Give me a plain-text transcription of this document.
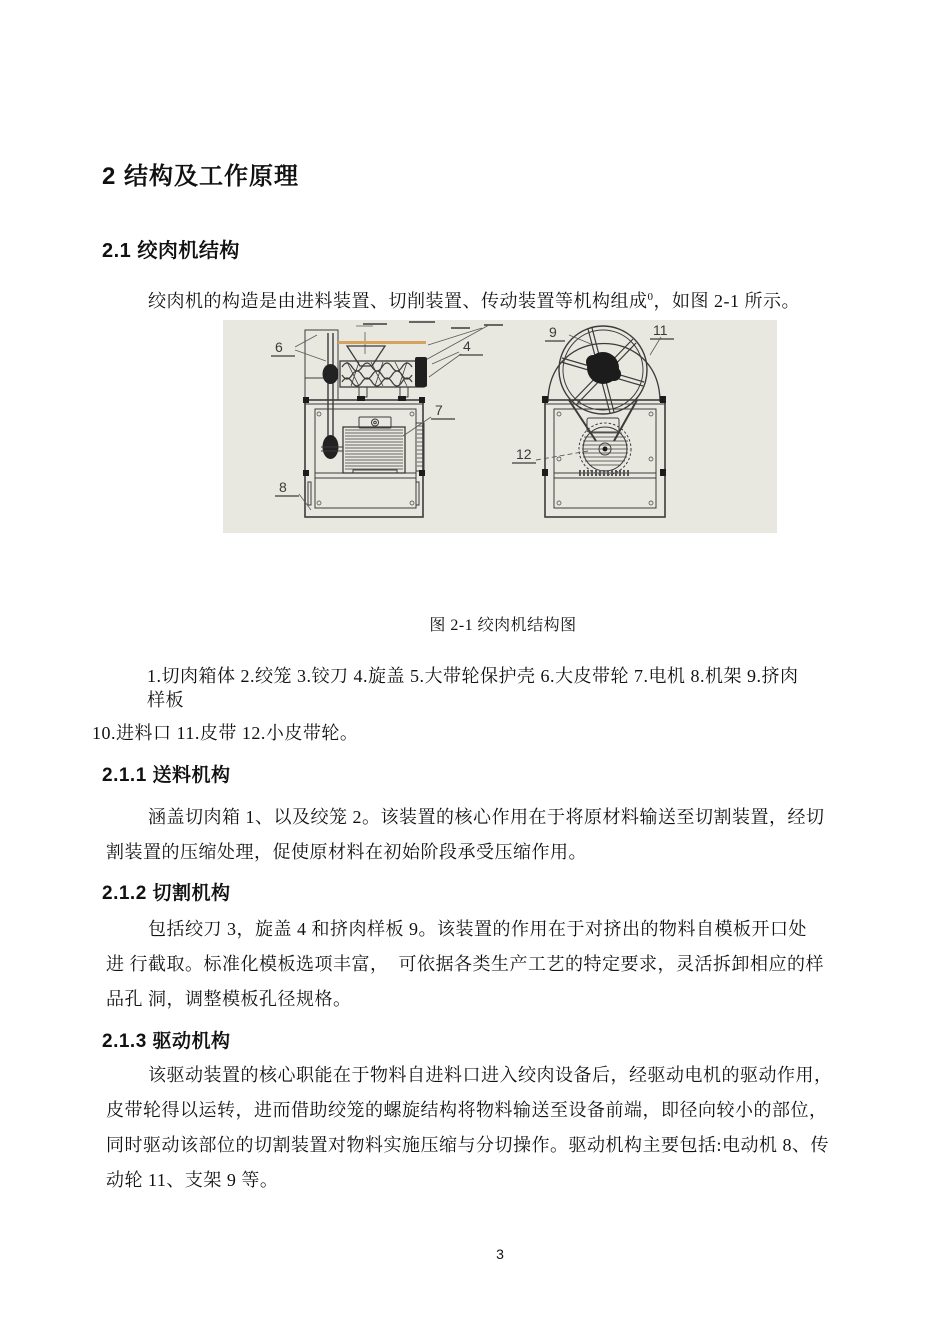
2 结构及工作原理
2.1 绞肉机结构
绞肉机的构造是由进料装置、切削装置、传动装置等机构组成$^0$，如图 2-1 所示。
6	4
7
8
9	11
12
图 2-1 绞肉机结构图
1.切肉箱体 2.绞笼 3.铰刀 4.旋盖 5.大带轮保护壳 6.大皮带轮 7.电机 8.机架 9.挤肉
样板
10.进料口 11.皮带 12.小皮带轮。
2.1.1 送料机构
涵盖切肉箱 1、以及绞笼 2。该装置的核心作用在于将原材料输送至切割装置，经切
割装置的压缩处理，促使原材料在初始阶段承受压缩作用。
2.1.2 切割机构
包括绞刀 3，旋盖 4 和挤肉样板 9。该装置的作用在于对挤出的物料自模板开口处
进 行截取。标准化模板选项丰富，  可依据各类生产工艺的特定要求，灵活拆卸相应的样
品孔 洞，调整模板孔径规格。
2.1.3 驱动机构
该驱动装置的核心职能在于物料自进料口进入绞肉设备后，经驱动电机的驱动作用，
皮带轮得以运转，进而借助绞笼的螺旋结构将物料输送至设备前端，即径向较小的部位，
同时驱动该部位的切割装置对物料实施压缩与分切操作。驱动机构主要包括:电动机 8、传
动轮 11、支架 9 等。
3
